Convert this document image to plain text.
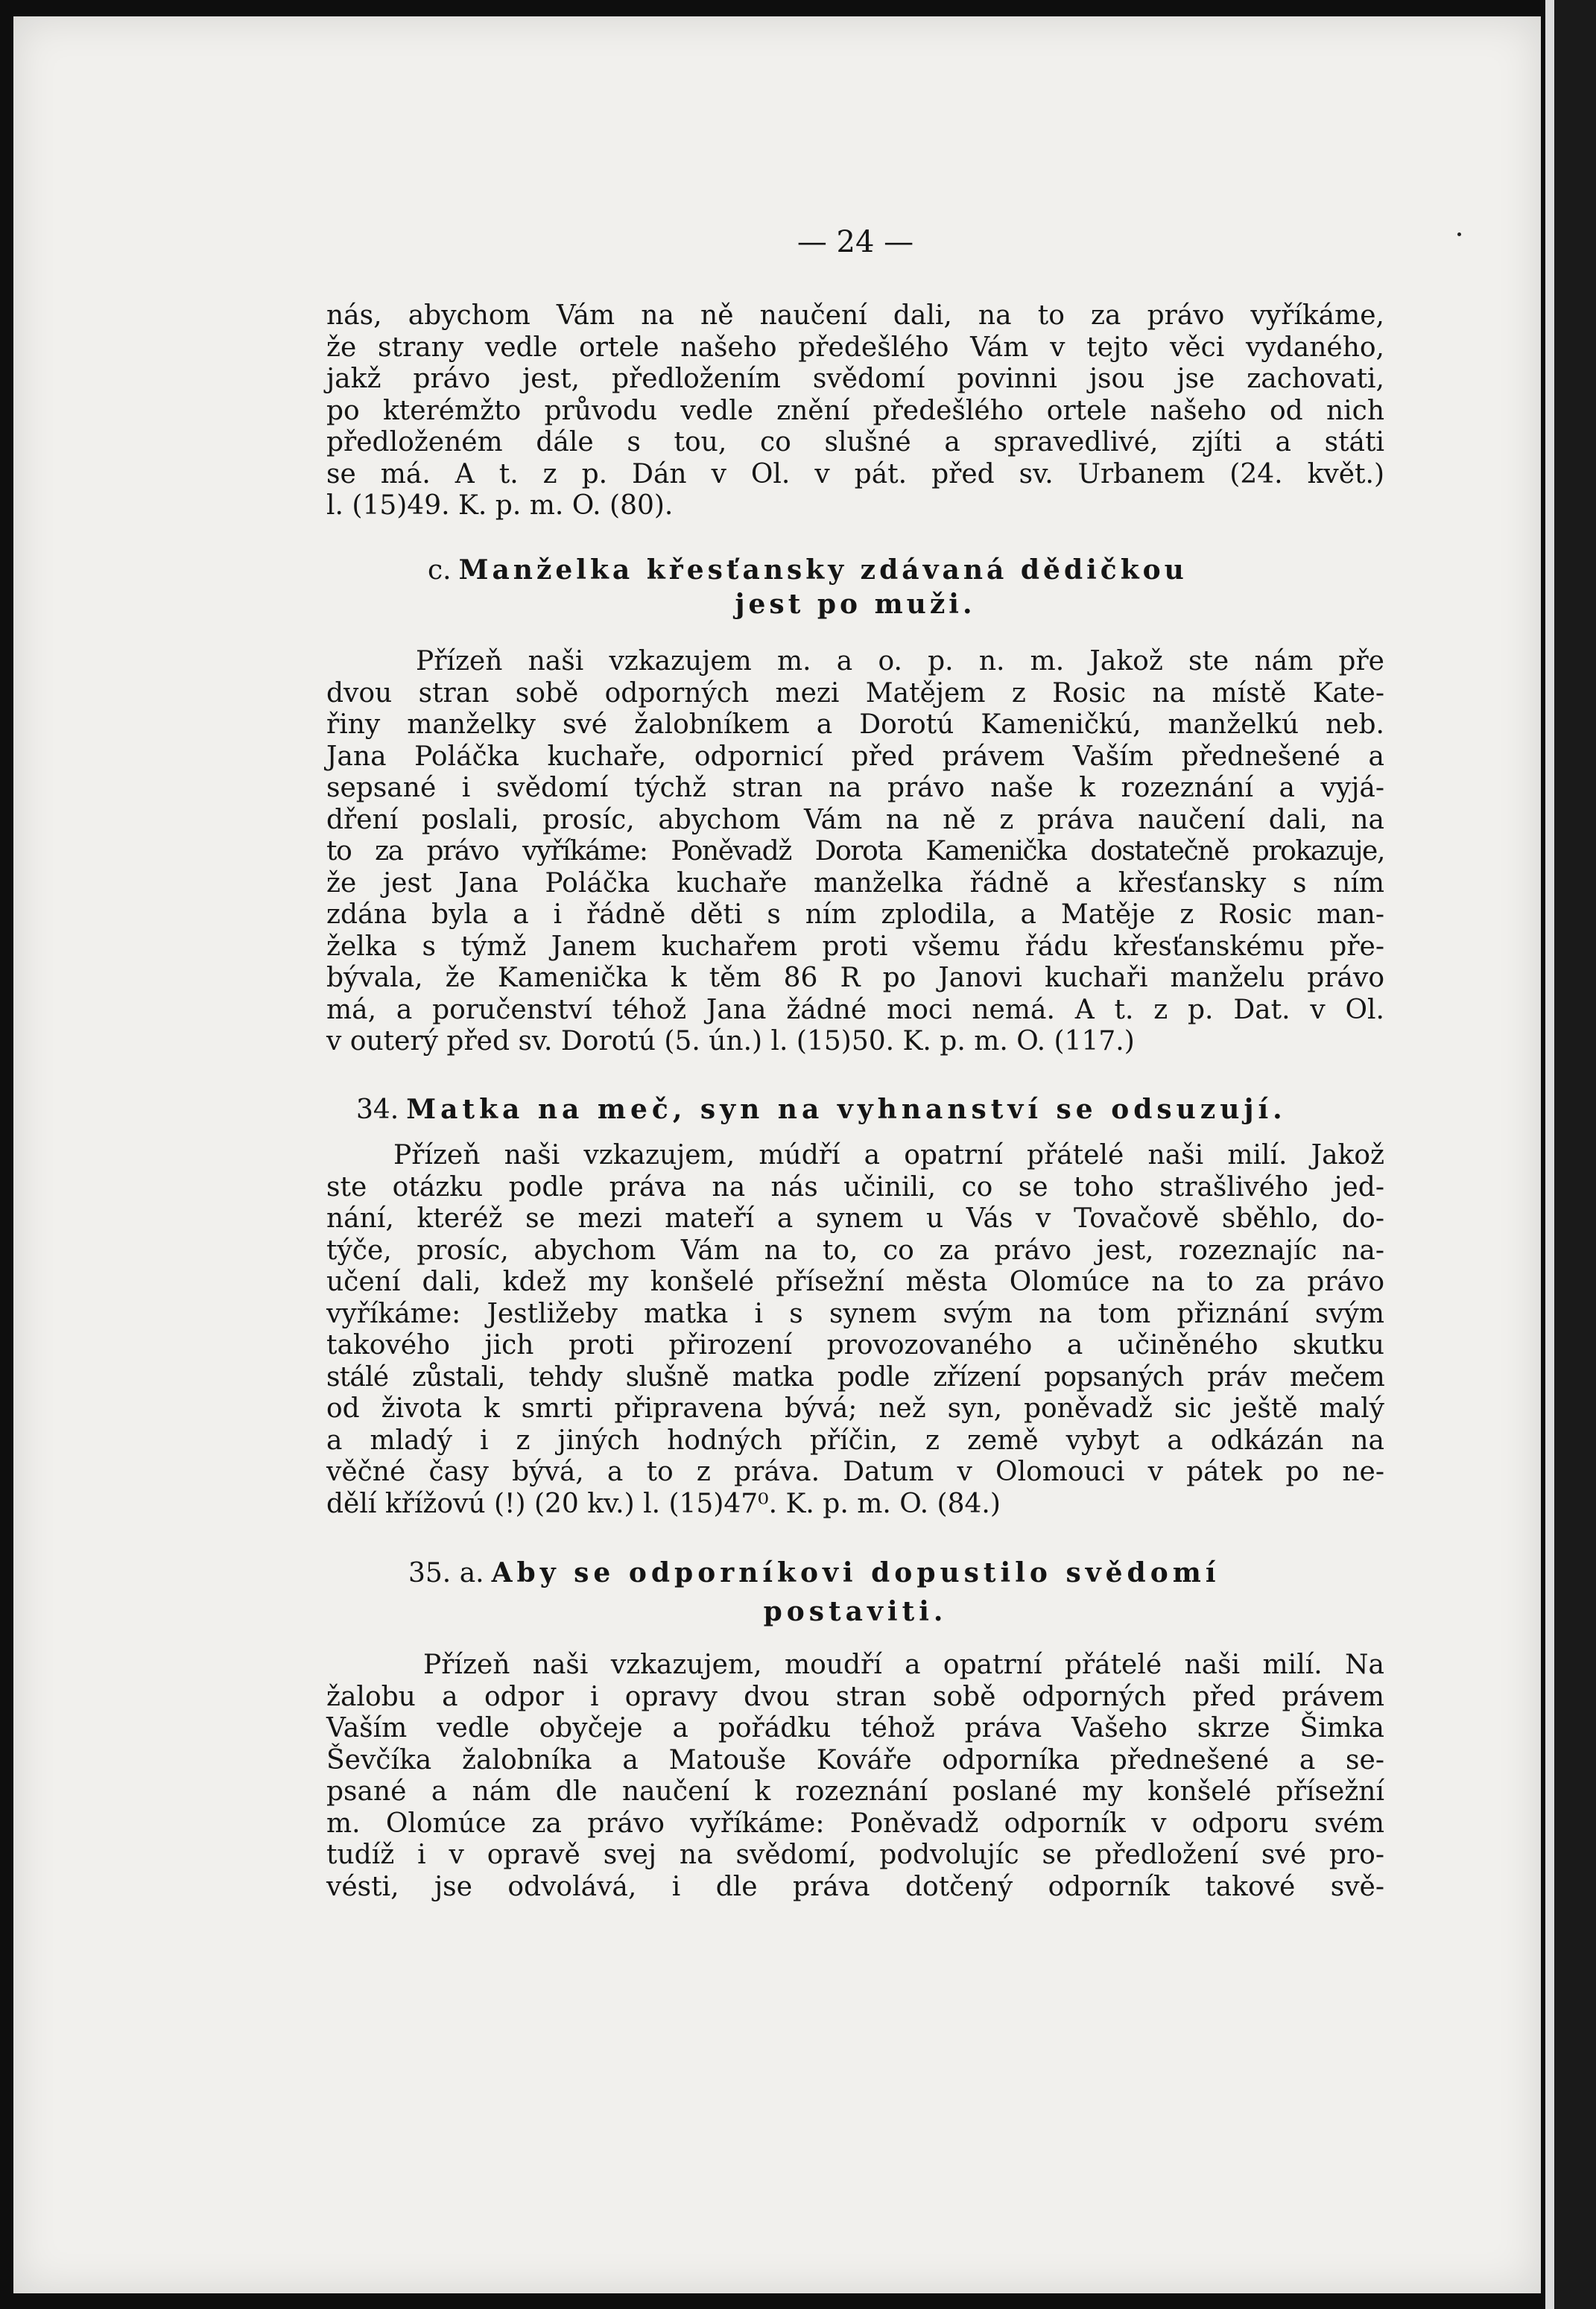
— 24 —
nás, abychom Vám na ně naučení dali, na to za právo vyříkáme,
že strany vedle ortele našeho předešlého Vám v tejto věci vydaného,
jakž právo jest, předložením svědomí povinni jsou jse zachovati,
po kterémžto průvodu vedle znění předešlého ortele našeho od nich
předloženém dále s tou, co slušné a spravedlivé, zjíti a státi
se má. A t. z p. Dán v Ol. v pát. před sv. Urbanem (24. květ.)
l. (15)49. K. p. m. O. (80).
c. Manželka křesťansky zdávaná dědičkou
jest po muži.
Přízeň naši vzkazujem m. a o. p. n. m. Jakož ste nám pře
dvou stran sobě odporných mezi Matějem z Rosic na místě Kate-
řiny manželky své žalobníkem a Dorotú Kameničkú, manželkú neb.
Jana Poláčka kuchaře, odpornicí před právem Vaším přednešené a
sepsané i svědomí týchž stran na právo naše k rozeznání a vyjá-
dření poslali, prosíc, abychom Vám na ně z práva naučení dali, na
to za právo vyříkáme: Poněvadž Dorota Kamenička dostatečně prokazuje,
že jest Jana Poláčka kuchaře manželka řádně a křesťansky s ním
zdána byla a i řádně děti s ním zplodila, a Matěje z Rosic man-
želka s týmž Janem kuchařem proti všemu řádu křesťanskému pře-
bývala, že Kamenička k těm 86 R po Janovi kuchaři manželu právo
má, a poručenství téhož Jana žádné moci nemá. A t. z p. Dat. v Ol.
v outerý před sv. Dorotú (5. ún.) l. (15)50. K. p. m. O. (117.)
34. Matka na meč, syn na vyhnanství se odsuzují.
Přízeň naši vzkazujem, múdří a opatrní přátelé naši milí. Jakož
ste otázku podle práva na nás učinili, co se toho strašlivého jed-
nání, kteréž se mezi mateří a synem u Vás v Tovačově sběhlo, do-
týče, prosíc, abychom Vám na to, co za právo jest, rozeznajíc na-
učení dali, kdež my konšelé přísežní města Olomúce na to za právo
vyříkáme: Jestližeby matka i s synem svým na tom přiznání svým
takového jich proti přirození provozovaného a učiněného skutku
stálé zůstali, tehdy slušně matka podle zřízení popsaných práv mečem
od života k smrti připravena bývá; než syn, poněvadž sic ještě malý
a mladý i z jiných hodných příčin, z země vybyt a odkázán na
věčné časy bývá, a to z práva. Datum v Olomouci v pátek po ne-
dělí křížovú (!) (20 kv.) l. (15)47⁰. K. p. m. O. (84.)
35. a. Aby se odporníkovi dopustilo svědomí
postaviti.
Přízeň naši vzkazujem, moudří a opatrní přátelé naši milí. Na
žalobu a odpor i opravy dvou stran sobě odporných před právem
Vaším vedle obyčeje a pořádku téhož práva Vašeho skrze Šimka
Ševčíka žalobníka a Matouše Kováře odporníka přednešené a se-
psané a nám dle naučení k rozeznání poslané my konšelé přísežní
m. Olomúce za právo vyříkáme: Poněvadž odporník v odporu svém
tudíž i v opravě svej na svědomí, podvolujíc se předložení své pro-
vésti, jse odvolává, i dle práva dotčený odporník takové svě-
